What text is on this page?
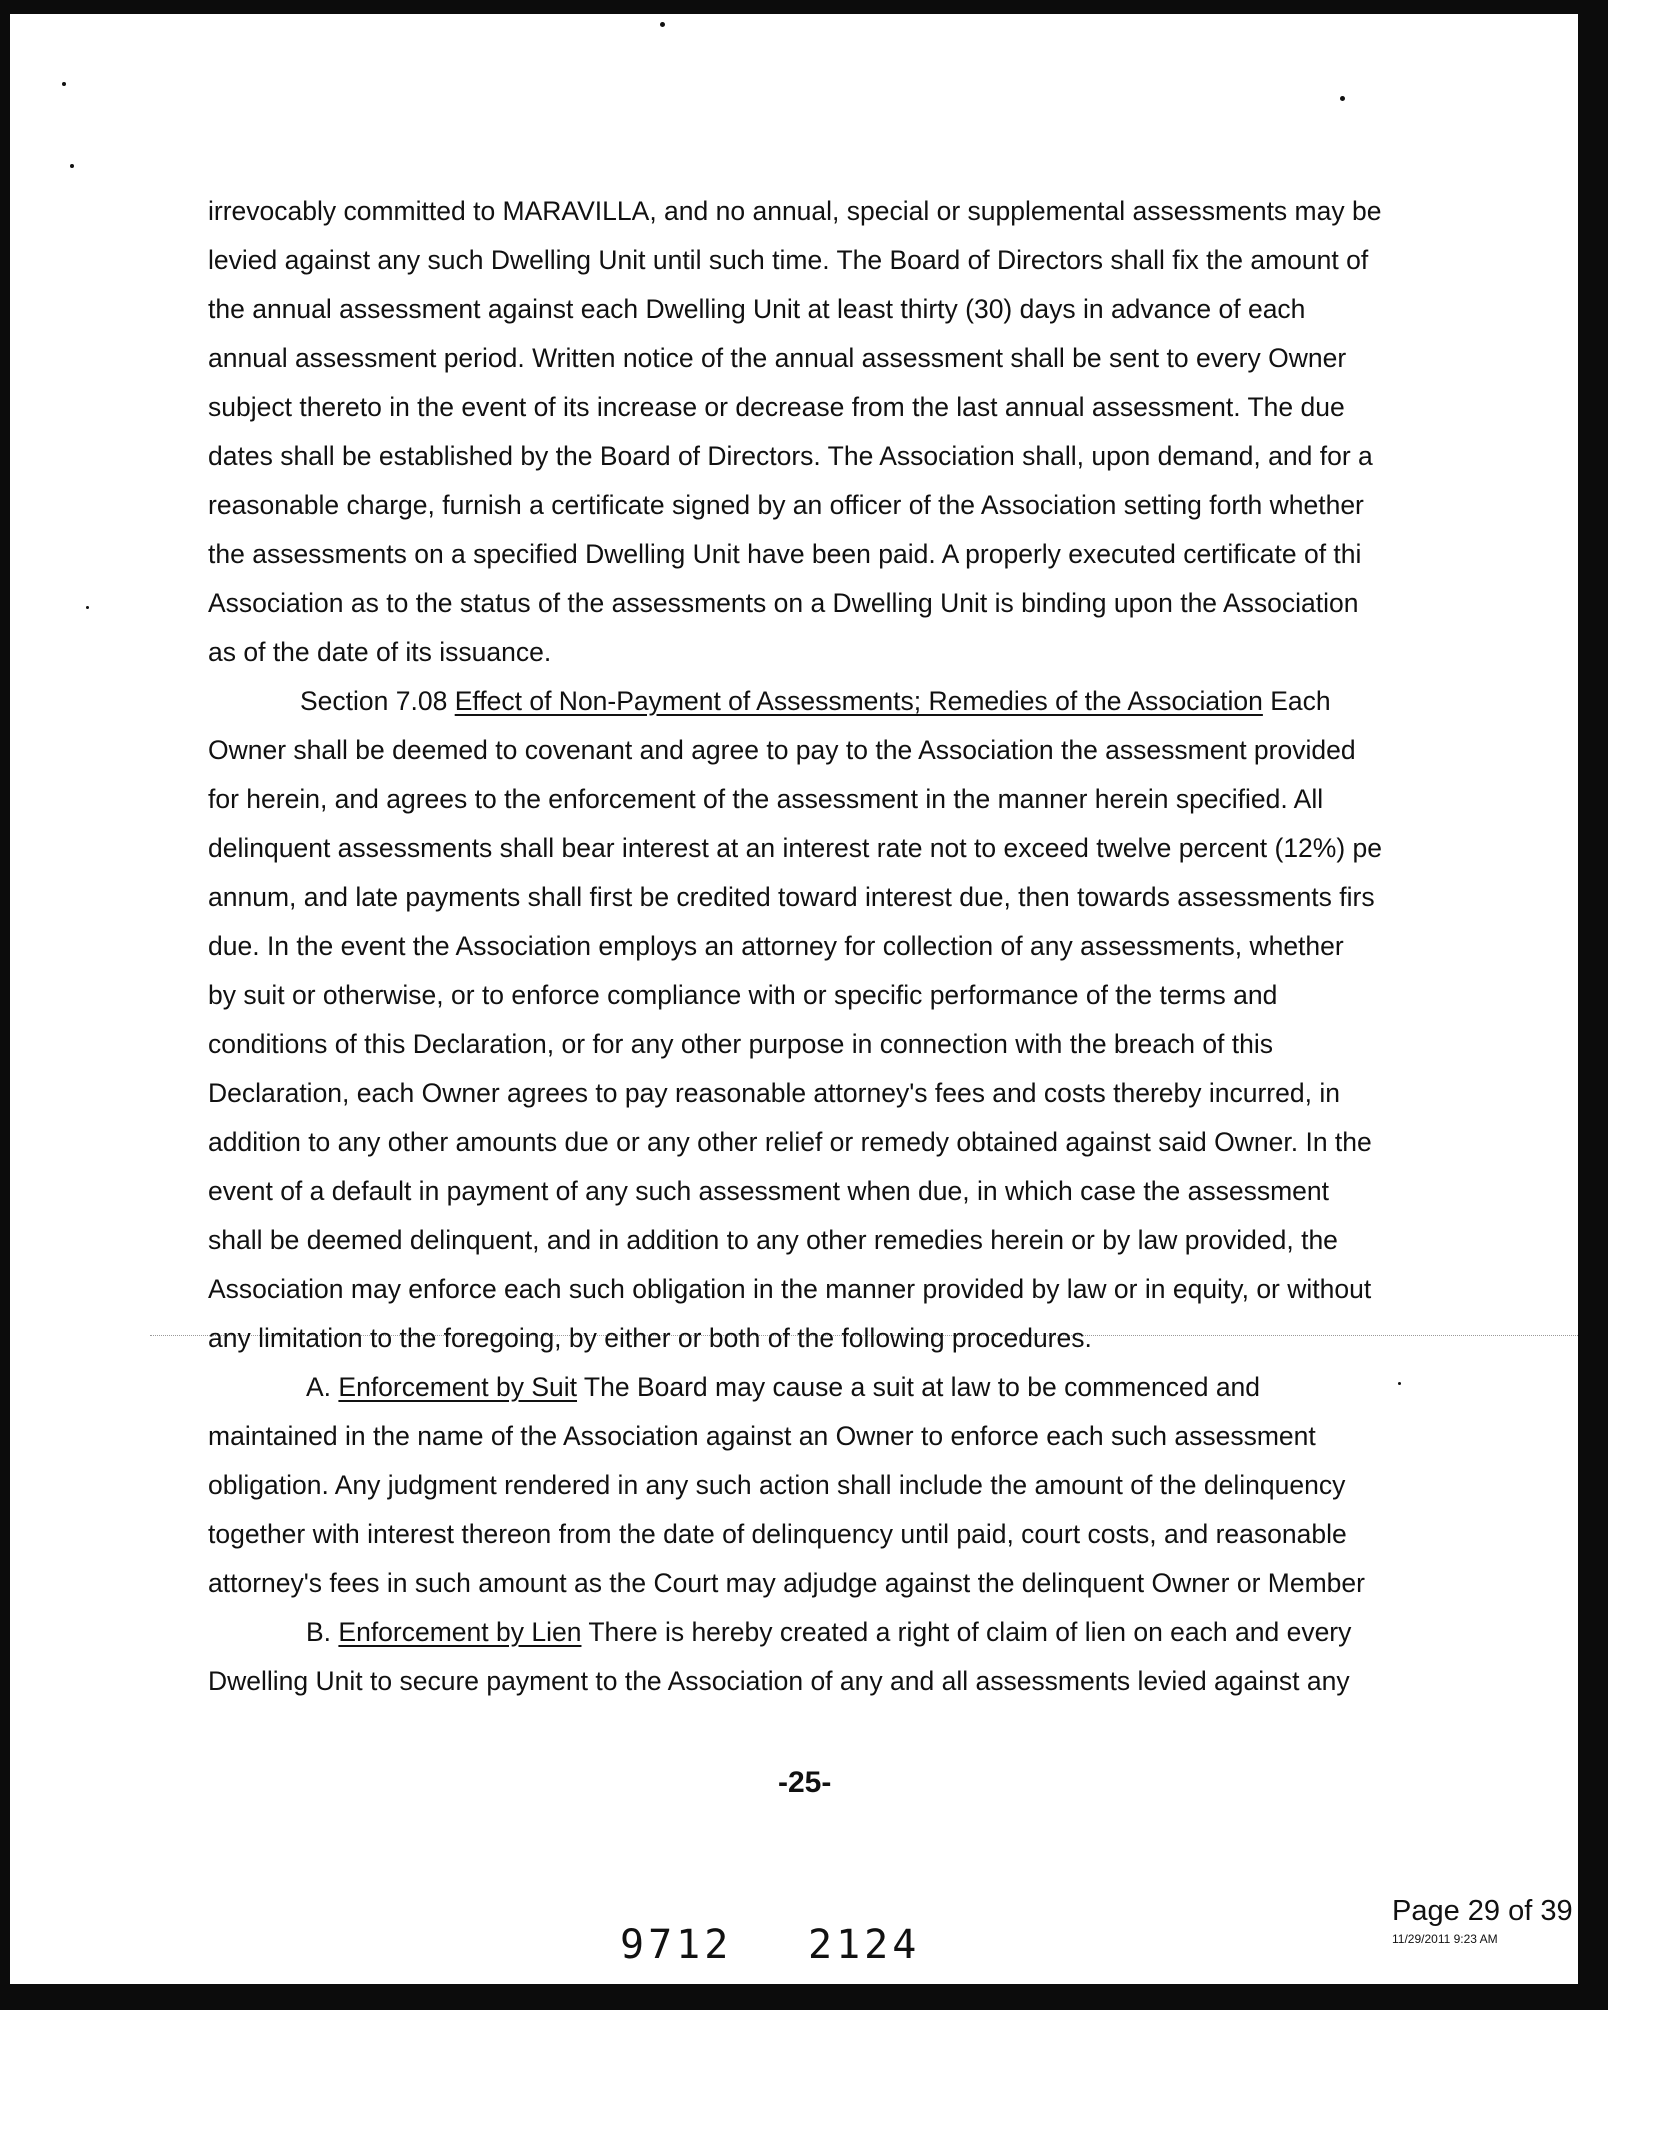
irrevocably committed to MARAVILLA, and no annual, special or supplemental assessments may be
levied against any such Dwelling Unit until such time. The Board of Directors shall fix the amount of
the annual assessment against each Dwelling Unit at least thirty (30) days in advance of each
annual assessment period. Written notice of the annual assessment shall be sent to every Owner
subject thereto in the event of its increase or decrease from the last annual assessment. The due
dates shall be established by the Board of Directors. The Association shall, upon demand, and for a
reasonable charge, furnish a certificate signed by an officer of the Association setting forth whether
the assessments on a specified Dwelling Unit have been paid. A properly executed certificate of thi
Association as to the status of the assessments on a Dwelling Unit is binding upon the Association
as of the date of its issuance.
Section 7.08 Effect of Non-Payment of Assessments; Remedies of the Association Each
Owner shall be deemed to covenant and agree to pay to the Association the assessment provided
for herein, and agrees to the enforcement of the assessment in the manner herein specified. All
delinquent assessments shall bear interest at an interest rate not to exceed twelve percent (12%) pe
annum, and late payments shall first be credited toward interest due, then towards assessments firs
due. In the event the Association employs an attorney for collection of any assessments, whether
by suit or otherwise, or to enforce compliance with or specific performance of the terms and
conditions of this Declaration, or for any other purpose in connection with the breach of this
Declaration, each Owner agrees to pay reasonable attorney's fees and costs thereby incurred, in
addition to any other amounts due or any other relief or remedy obtained against said Owner. In the
event of a default in payment of any such assessment when due, in which case the assessment
shall be deemed delinquent, and in addition to any other remedies herein or by law provided, the
Association may enforce each such obligation in the manner provided by law or in equity, or without
any limitation to the foregoing, by either or both of the following procedures.
A. Enforcement by Suit The Board may cause a suit at law to be commenced and
maintained in the name of the Association against an Owner to enforce each such assessment
obligation. Any judgment rendered in any such action shall include the amount of the delinquency
together with interest thereon from the date of delinquency until paid, court costs, and reasonable
attorney's fees in such amount as the Court may adjudge against the delinquent Owner or Member
B. Enforcement by Lien There is hereby created a right of claim of lien on each and every
Dwelling Unit to secure payment to the Association of any and all assessments levied against any
-25-
9712 2124
Page 29 of 39
11/29/2011 9:23 AM
